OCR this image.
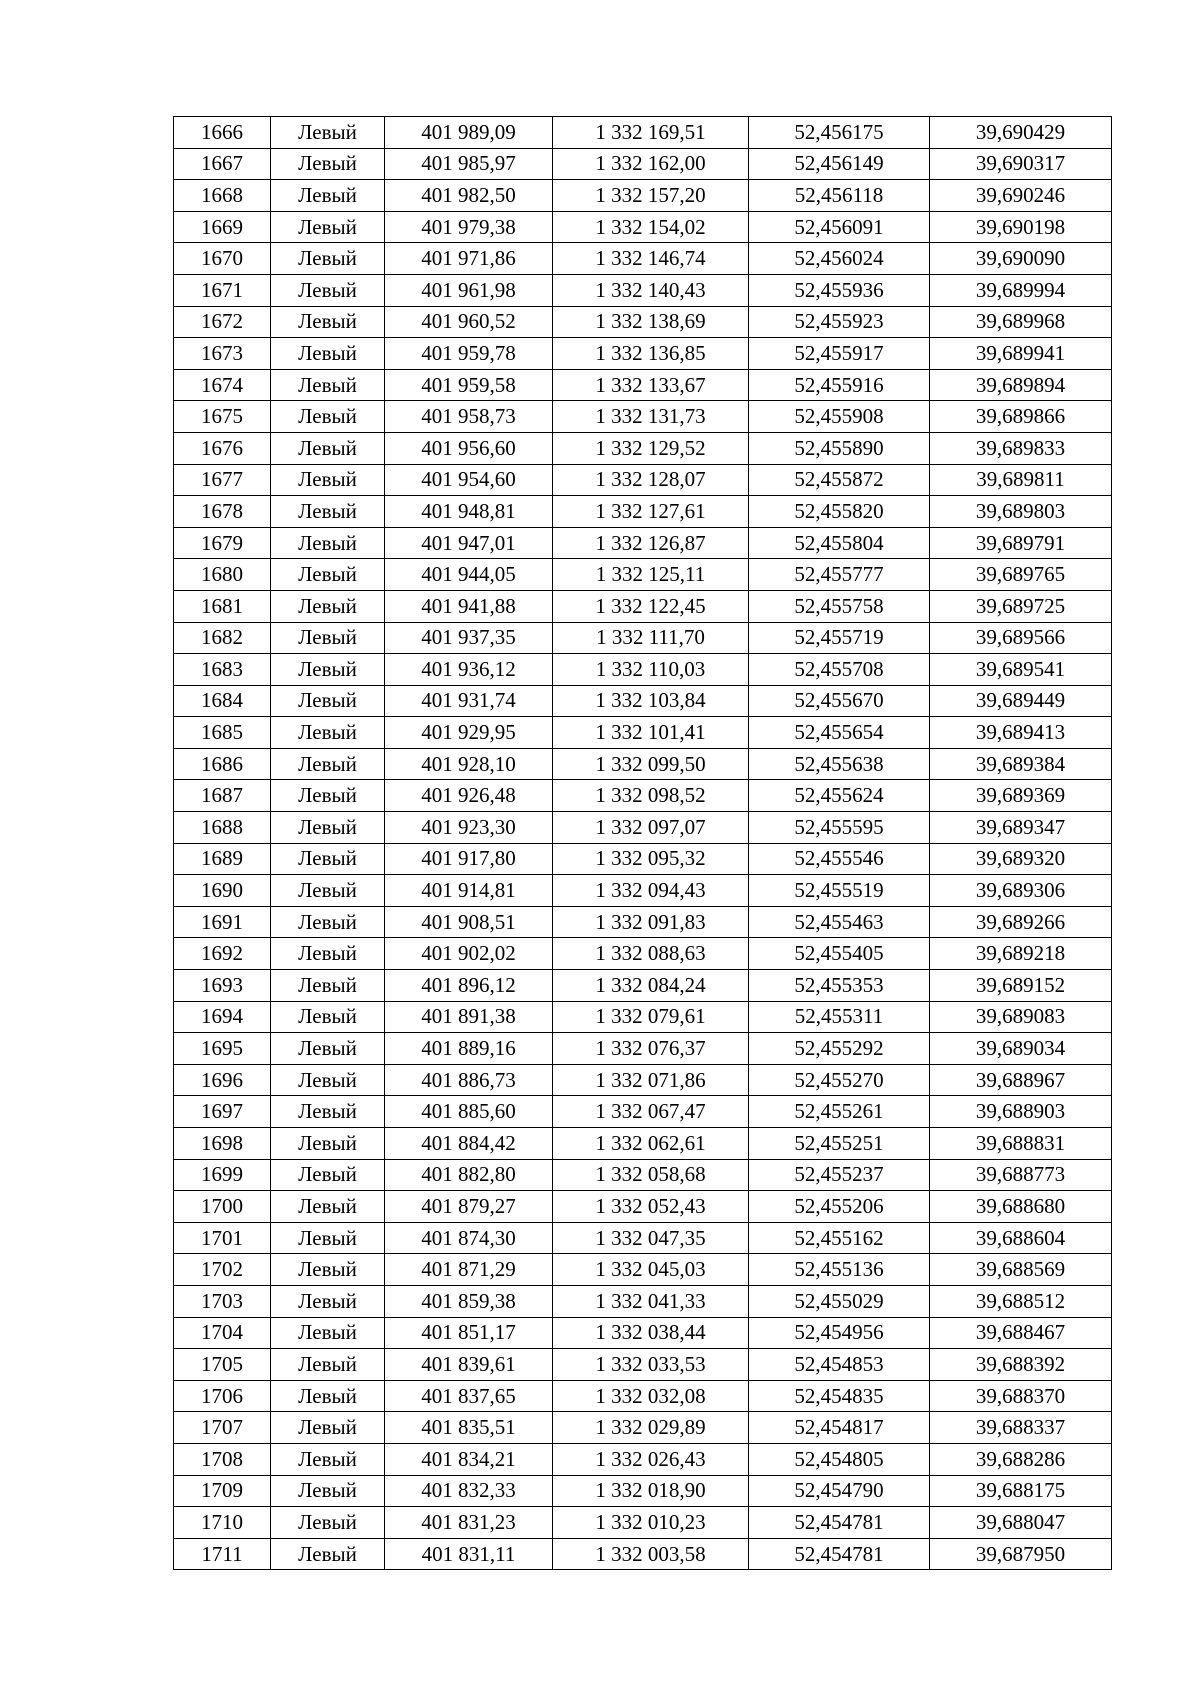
1666	Левый	401 989,09	1 332 169,51	52,456175	39,690429
1667	Левый	401 985,97	1 332 162,00	52,456149	39,690317
1668	Левый	401 982,50	1 332 157,20	52,456118	39,690246
1669	Левый	401 979,38	1 332 154,02	52,456091	39,690198
1670	Левый	401 971,86	1 332 146,74	52,456024	39,690090
1671	Левый	401 961,98	1 332 140,43	52,455936	39,689994
1672	Левый	401 960,52	1 332 138,69	52,455923	39,689968
1673	Левый	401 959,78	1 332 136,85	52,455917	39,689941
1674	Левый	401 959,58	1 332 133,67	52,455916	39,689894
1675	Левый	401 958,73	1 332 131,73	52,455908	39,689866
1676	Левый	401 956,60	1 332 129,52	52,455890	39,689833
1677	Левый	401 954,60	1 332 128,07	52,455872	39,689811
1678	Левый	401 948,81	1 332 127,61	52,455820	39,689803
1679	Левый	401 947,01	1 332 126,87	52,455804	39,689791
1680	Левый	401 944,05	1 332 125,11	52,455777	39,689765
1681	Левый	401 941,88	1 332 122,45	52,455758	39,689725
1682	Левый	401 937,35	1 332 111,70	52,455719	39,689566
1683	Левый	401 936,12	1 332 110,03	52,455708	39,689541
1684	Левый	401 931,74	1 332 103,84	52,455670	39,689449
1685	Левый	401 929,95	1 332 101,41	52,455654	39,689413
1686	Левый	401 928,10	1 332 099,50	52,455638	39,689384
1687	Левый	401 926,48	1 332 098,52	52,455624	39,689369
1688	Левый	401 923,30	1 332 097,07	52,455595	39,689347
1689	Левый	401 917,80	1 332 095,32	52,455546	39,689320
1690	Левый	401 914,81	1 332 094,43	52,455519	39,689306
1691	Левый	401 908,51	1 332 091,83	52,455463	39,689266
1692	Левый	401 902,02	1 332 088,63	52,455405	39,689218
1693	Левый	401 896,12	1 332 084,24	52,455353	39,689152
1694	Левый	401 891,38	1 332 079,61	52,455311	39,689083
1695	Левый	401 889,16	1 332 076,37	52,455292	39,689034
1696	Левый	401 886,73	1 332 071,86	52,455270	39,688967
1697	Левый	401 885,60	1 332 067,47	52,455261	39,688903
1698	Левый	401 884,42	1 332 062,61	52,455251	39,688831
1699	Левый	401 882,80	1 332 058,68	52,455237	39,688773
1700	Левый	401 879,27	1 332 052,43	52,455206	39,688680
1701	Левый	401 874,30	1 332 047,35	52,455162	39,688604
1702	Левый	401 871,29	1 332 045,03	52,455136	39,688569
1703	Левый	401 859,38	1 332 041,33	52,455029	39,688512
1704	Левый	401 851,17	1 332 038,44	52,454956	39,688467
1705	Левый	401 839,61	1 332 033,53	52,454853	39,688392
1706	Левый	401 837,65	1 332 032,08	52,454835	39,688370
1707	Левый	401 835,51	1 332 029,89	52,454817	39,688337
1708	Левый	401 834,21	1 332 026,43	52,454805	39,688286
1709	Левый	401 832,33	1 332 018,90	52,454790	39,688175
1710	Левый	401 831,23	1 332 010,23	52,454781	39,688047
1711	Левый	401 831,11	1 332 003,58	52,454781	39,687950
